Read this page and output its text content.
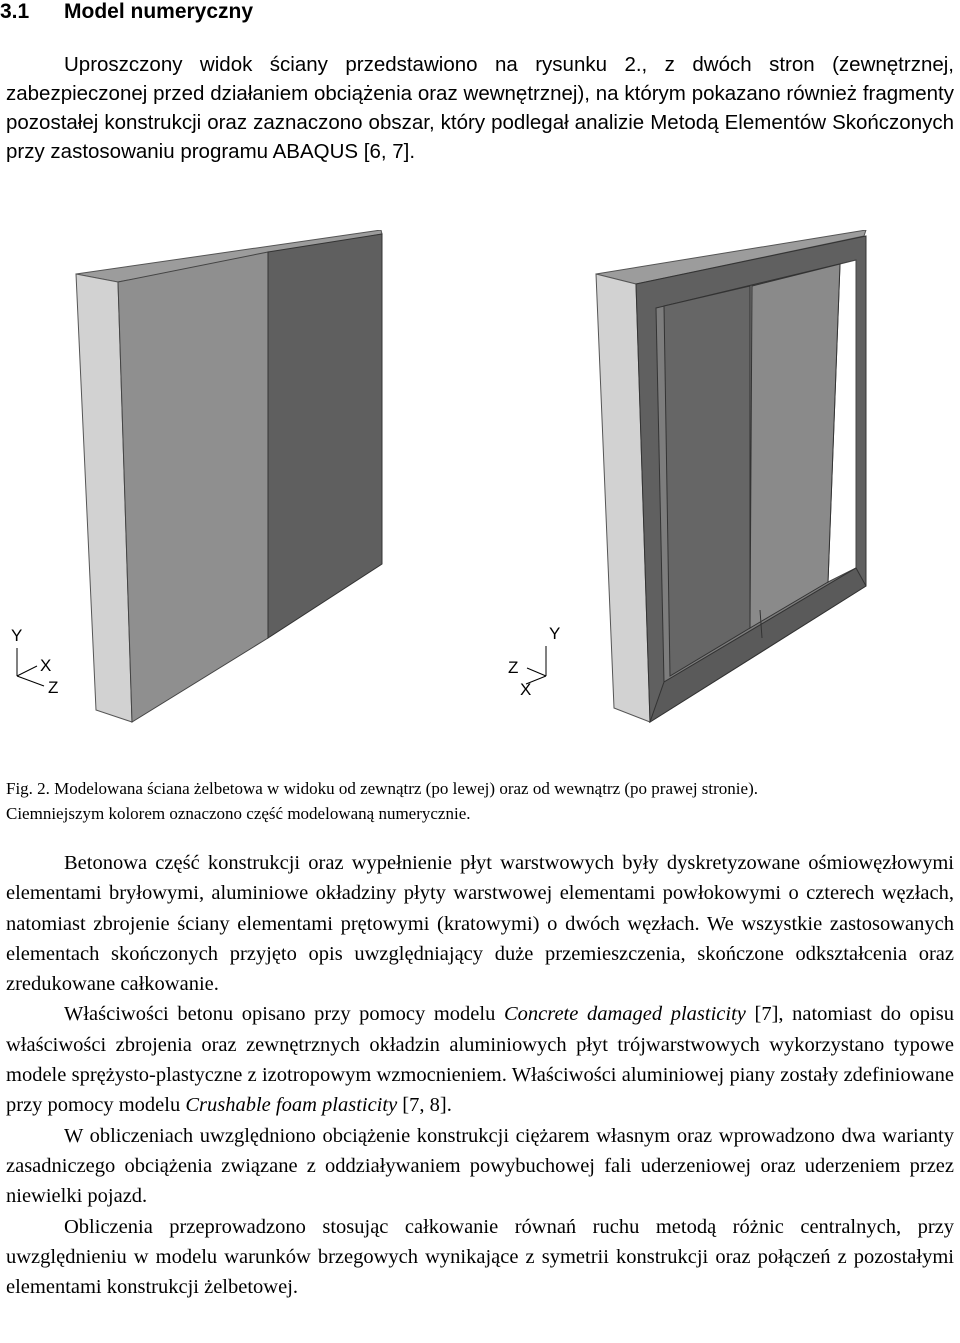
3.1 Model numeryczny

Uproszczony widok ściany przedstawiono na rysunku 2., z dwóch stron (zewnętrznej, zabezpieczonej przed działaniem obciążenia oraz wewnętrznej), na którym pokazano również fragmenty pozostałej konstrukcji oraz zaznaczono obszar, który podlegał analizie Metodą Elementów Skończonych przy zastosowaniu programu ABAQUS [6, 7].

Y
X
Z
Y
Z
X
Fig. 2. Modelowana ściana żelbetowa w widoku od zewnątrz (po lewej) oraz od wewnątrz (po prawej stronie).
Ciemniejszym kolorem oznaczono część modelowaną numerycznie.

Betonowa część konstrukcji oraz wypełnienie płyt warstwowych były dyskretyzowane ośmiowęzłowymi elementami bryłowymi, aluminiowe okładziny płyty warstwowej elementami powłokowymi o czterech węzłach, natomiast zbrojenie ściany elementami prętowymi (kratowymi) o dwóch węzłach. We wszystkie zastosowanych elementach skończonych przyjęto opis uwzględniający duże przemieszczenia, skończone odkształcenia oraz zredukowane całkowanie.

Właściwości betonu opisano przy pomocy modelu Concrete damaged plasticity [7], natomiast do opisu właściwości zbrojenia oraz zewnętrznych okładzin aluminiowych płyt trójwarstwowych wykorzystano typowe modele sprężysto-plastyczne z izotropowym wzmocnieniem. Właściwości aluminiowej piany zostały zdefiniowane przy pomocy modelu Crushable foam plasticity [7, 8].

W obliczeniach uwzględniono obciążenie konstrukcji ciężarem własnym oraz wprowadzono dwa warianty zasadniczego obciążenia związane z oddziaływaniem powybuchowej fali uderzeniowej oraz uderzeniem przez niewielki pojazd.

Obliczenia przeprowadzono stosując całkowanie równań ruchu metodą różnic centralnych, przy uwzględnieniu w modelu warunków brzegowych wynikające z symetrii konstrukcji oraz połączeń z pozostałymi elementami konstrukcji żelbetowej.
